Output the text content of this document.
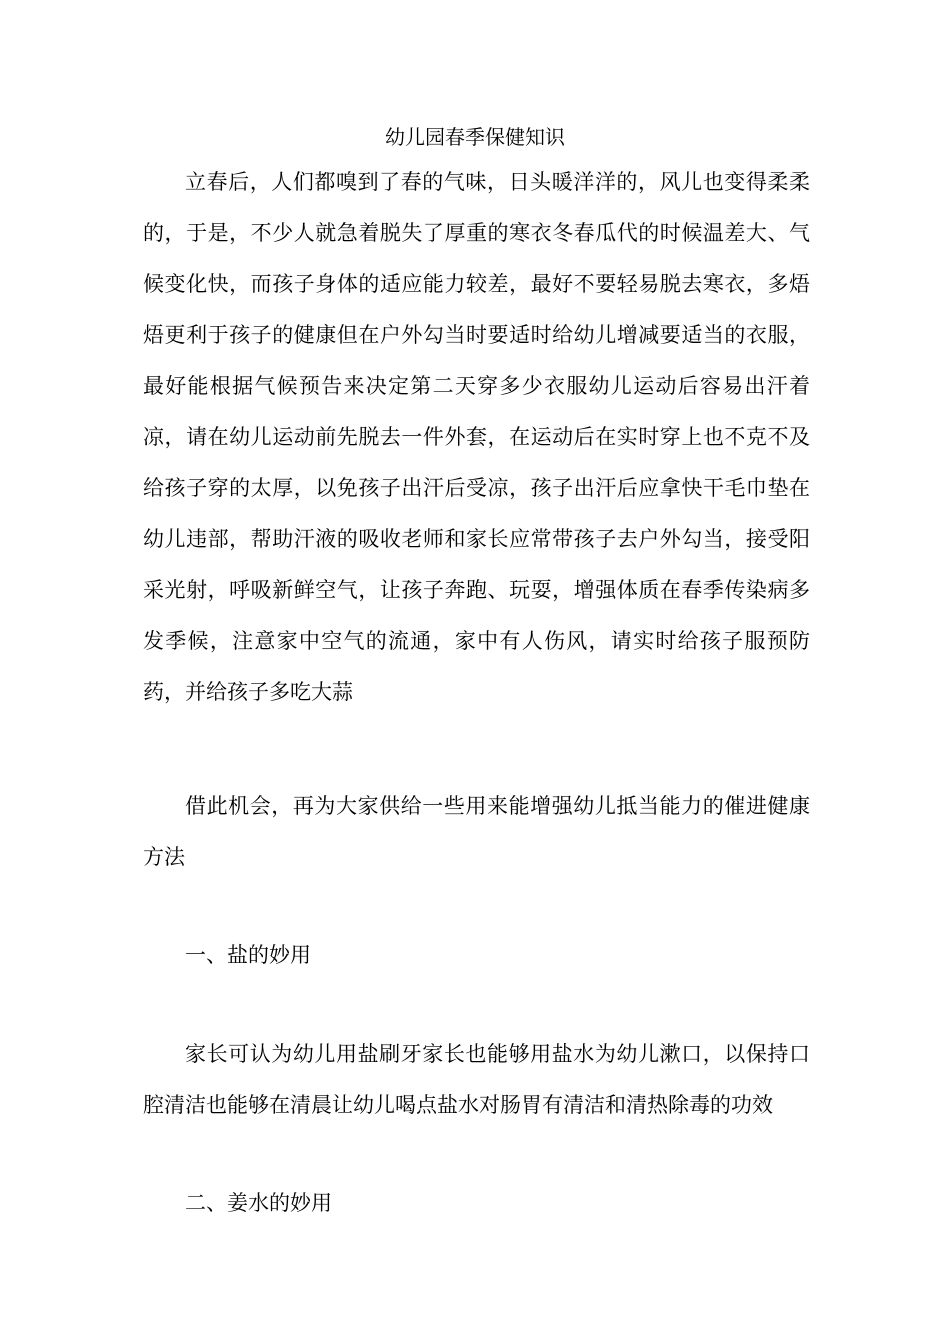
幼儿园春季保健知识

立春后，人们都嗅到了春的气味，日头暖洋洋的，风儿也变得柔柔的，于是，不少人就急着脱失了厚重的寒衣冬春瓜代的时候温差大、气候变化快，而孩子身体的适应能力较差，最好不要轻易脱去寒衣，多焐焐更利于孩子的健康但在户外勾当时要适时给幼儿增减要适当的衣服，最好能根据气候预告来决定第二天穿多少衣服幼儿运动后容易出汗着凉，请在幼儿运动前先脱去一件外套，在运动后在实时穿上也不克不及给孩子穿的太厚，以免孩子出汗后受凉，孩子出汗后应拿快干毛巾垫在幼儿违部，帮助汗液的吸收老师和家长应常带孩子去户外勾当，接受阳采光射，呼吸新鲜空气，让孩子奔跑、玩耍，增强体质在春季传染病多发季候，注意家中空气的流通，家中有人伤风，请实时给孩子服预防药，并给孩子多吃大蒜

借此机会，再为大家供给一些用来能增强幼儿抵当能力的催进健康方法

一、盐的妙用

家长可认为幼儿用盐刷牙家长也能够用盐水为幼儿漱口，以保持口腔清洁也能够在清晨让幼儿喝点盐水对肠胃有清洁和清热除毒的功效

二、姜水的妙用
